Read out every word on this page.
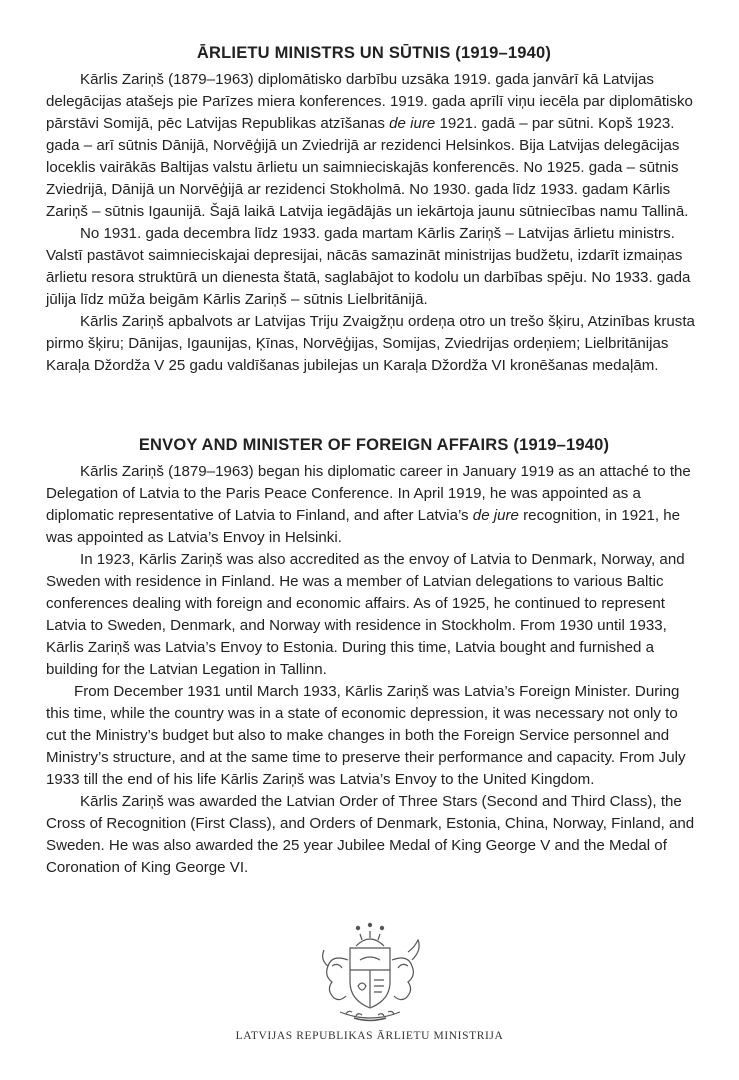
ĀRLIETU MINISTRS UN SŪTNIS (1919–1940)

Kārlis Zariņš (1879–1963) diplomātisko darbību uzsāka 1919. gada janvārī kā Latvijas delegācijas atašejs pie Parīzes miera konferences. 1919. gada aprīlī viņu iecēla par diplomātisko pārstāvi Somijā, pēc Latvijas Republikas atzīšanas de iure 1921. gadā – par sūtni. Kopš 1923. gada – arī sūtnis Dānijā, Norvēģijā un Zviedrijā ar rezidenci Helsinkos. Bija Latvijas delegācijas loceklis vairākās Baltijas valstu ārlietu un saimnieciskajās konferencēs. No 1925. gada – sūtnis Zviedrijā, Dānijā un Norvēģijā ar rezidenci Stokholmā. No 1930. gada līdz 1933. gadam Kārlis Zariņš – sūtnis Igaunijā. Šajā laikā Latvija iegādājās un iekārtoja jaunu sūtniecības namu Tallinā.

No 1931. gada decembra līdz 1933. gada martam Kārlis Zariņš – Latvijas ārlietu ministrs. Valstī pastāvot saimnieciskajai depresijai, nācās samazināt ministrijas budžetu, izdarīt izmaiņas ārlietu resora struktūrā un dienesta štatā, saglabājot to kodolu un darbības spēju. No 1933. gada jūlija līdz mūža beigām Kārlis Zariņš – sūtnis Lielbritānijā.

Kārlis Zariņš apbalvots ar Latvijas Triju Zvaigžņu ordeņa otro un trešo šķiru, Atzinības krusta pirmo šķiru; Dānijas, Igaunijas, Ķīnas, Norvēģijas, Somijas, Zviedrijas ordeņiem; Lielbritānijas Karaļa Džordža V 25 gadu valdīšanas jubilejas un Karaļa Džordža VI kronēšanas medaļām.

ENVOY AND MINISTER OF FOREIGN AFFAIRS (1919–1940)

Kārlis Zariņš (1879–1963) began his diplomatic career in January 1919 as an attaché to the Delegation of Latvia to the Paris Peace Conference. In April 1919, he was appointed as a diplomatic representative of Latvia to Finland, and after Latvia’s de jure recognition, in 1921, he was appointed as Latvia’s Envoy in Helsinki.

In 1923, Kārlis Zariņš was also accredited as the envoy of Latvia to Denmark, Norway, and Sweden with residence in Finland. He was a member of Latvian delegations to various Baltic conferences dealing with foreign and economic affairs. As of 1925, he continued to represent Latvia to Sweden, Denmark, and Norway with residence in Stockholm. From 1930 until 1933, Kārlis Zariņš was Latvia’s Envoy to Estonia. During this time, Latvia bought and furnished a building for the Latvian Legation in Tallinn.

From December 1931 until March 1933, Kārlis Zariņš was Latvia’s Foreign Minister. During this time, while the country was in a state of economic depression, it was necessary not only to cut the Ministry’s budget but also to make changes in both the Foreign Service personnel and Ministry’s structure, and at the same time to preserve their performance and capacity. From July 1933 till the end of his life Kārlis Zariņš was Latvia’s Envoy to the United Kingdom.

Kārlis Zariņš was awarded the Latvian Order of Three Stars (Second and Third Class), the Cross of Recognition (First Class), and Orders of Denmark, Estonia, China, Norway, Finland, and Sweden. He was also awarded the 25 year Jubilee Medal of King George V and the Medal of Coronation of King George VI.

LATVIJAS REPUBLIKAS ĀRLIETU MINISTRIJA
